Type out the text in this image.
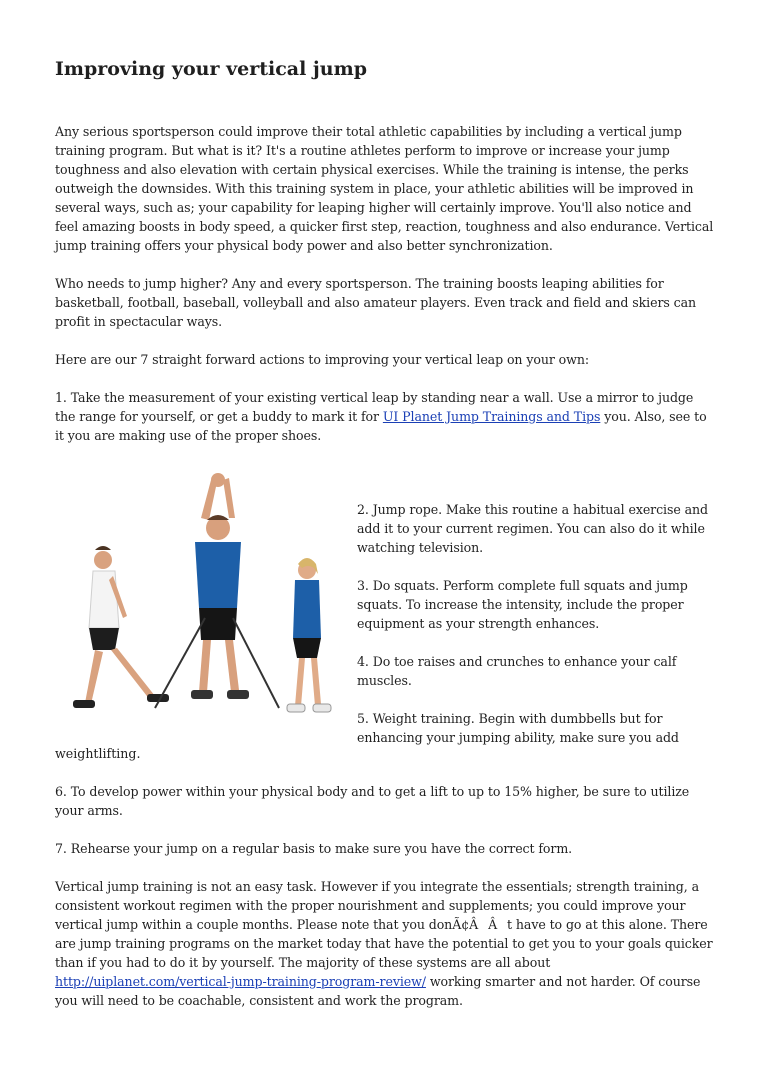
Improving your vertical jump

Any serious sportsperson could improve their total athletic capabilities by including a vertical jump training program. But what is it? It's a routine athletes perform to improve or increase your jump toughness and also elevation with certain physical exercises. While the training is intense, the perks outweigh the downsides. With this training system in place, your athletic abilities will be improved in several ways, such as; your capability for leaping higher will certainly improve. You'll also notice and feel amazing boosts in body speed, a quicker first step, reaction, toughness and also endurance. Vertical jump training offers your physical body power and also better synchronization.

Who needs to jump higher? Any and every sportsperson. The training boosts leaping abilities for basketball, football, baseball, volleyball and also amateur players. Even track and field and skiers can profit in spectacular ways.

Here are our 7 straight forward actions to improving your vertical leap on your own:

1. Take the measurement of your existing vertical leap by standing near a wall. Use a mirror to judge the range for yourself, or get a buddy to mark it for UI Planet Jump Trainings and Tips you. Also, see to it you are making use of the proper shoes.

2. Jump rope. Make this routine a habitual exercise and add it to your current regimen. You can also do it while watching television.

3. Do squats. Perform complete full squats and jump squats. To increase the intensity, include the proper equipment as your strength enhances.

4. Do toe raises and crunches to enhance your calf muscles.

5. Weight training. Begin with dumbbells but for enhancing your jumping ability, make sure you add

weightlifting.

6. To develop power within your physical body and to get a lift to up to 15% higher, be sure to utilize your arms.

7. Rehearse your jump on a regular basis to make sure you have the correct form.

Vertical jump training is not an easy task. However if you integrate the essentials; strength training, a consistent workout regimen with the proper nourishment and supplements; you could improve your vertical jump within a couple months. Please note that you donÃ¢ÂÂt have to go at this alone. There are jump training programs on the market today that have the potential to get you to your goals quicker than if you had to do it by yourself. The majority of these systems are all about http://uiplanet.com/vertical-jump-training-program-review/ working smarter and not harder. Of course you will need to be coachable, consistent and work the program.
